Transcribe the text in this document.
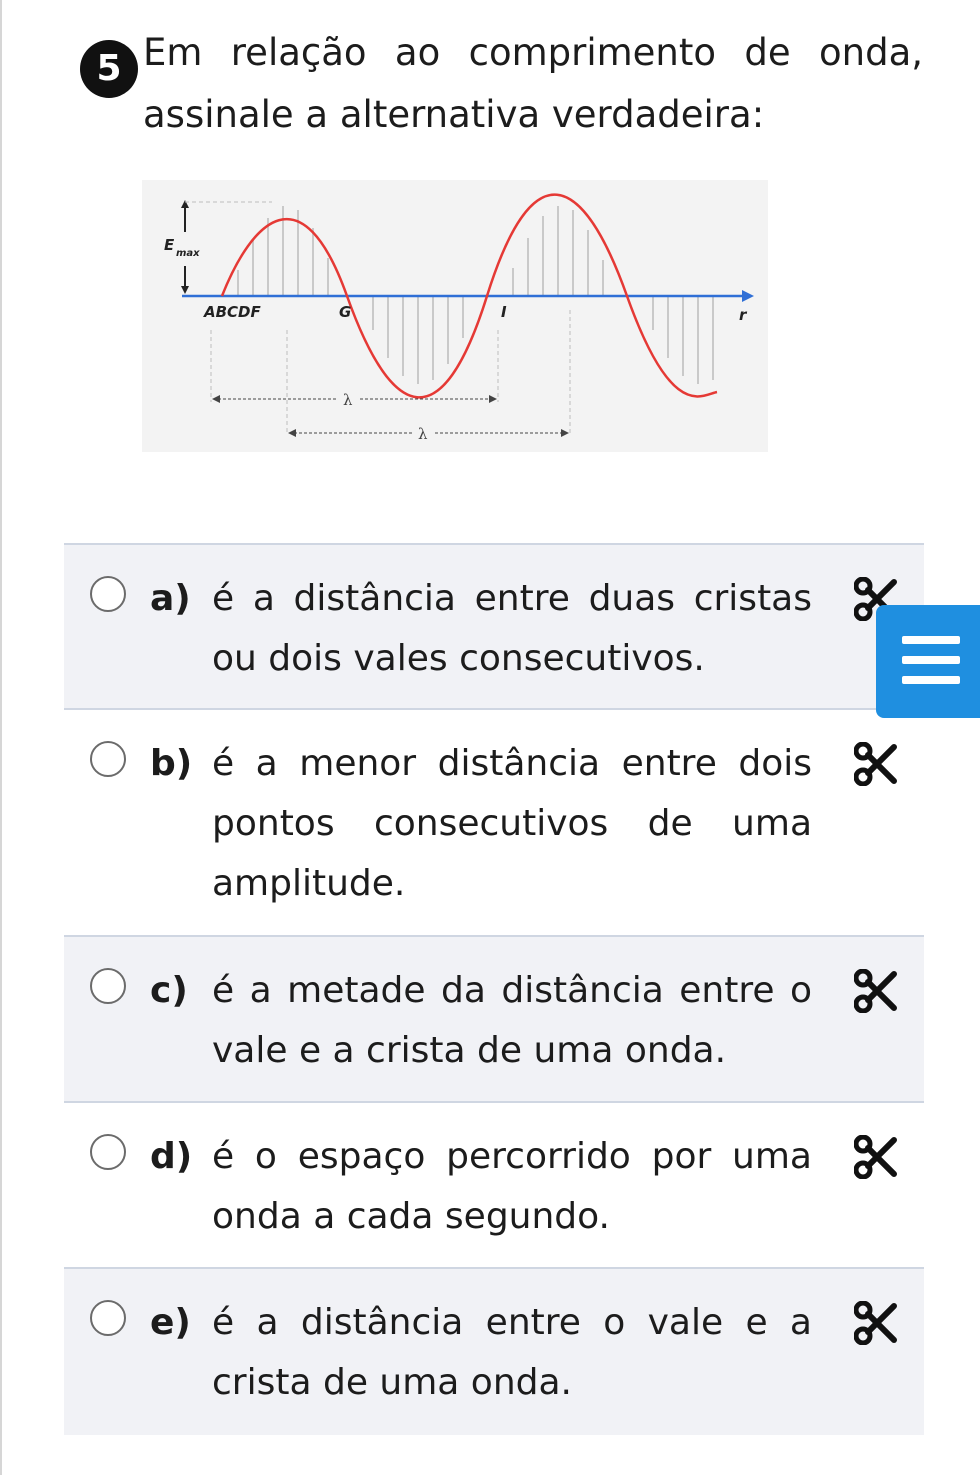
5 Em relação ao comprimento de onda, assinale a alternativa verdadeira:
E max
ABCDF	G	I	r
λ
λ
a) é a distância entre duas cristas ou dois vales consecutivos.
b) é a menor distância entre dois pontos consecutivos de uma amplitude.
c) é a metade da distância entre o vale e a crista de uma onda.
d) é o espaço percorrido por uma onda a cada segundo.
e) é a distância entre o vale e a crista de uma onda.
